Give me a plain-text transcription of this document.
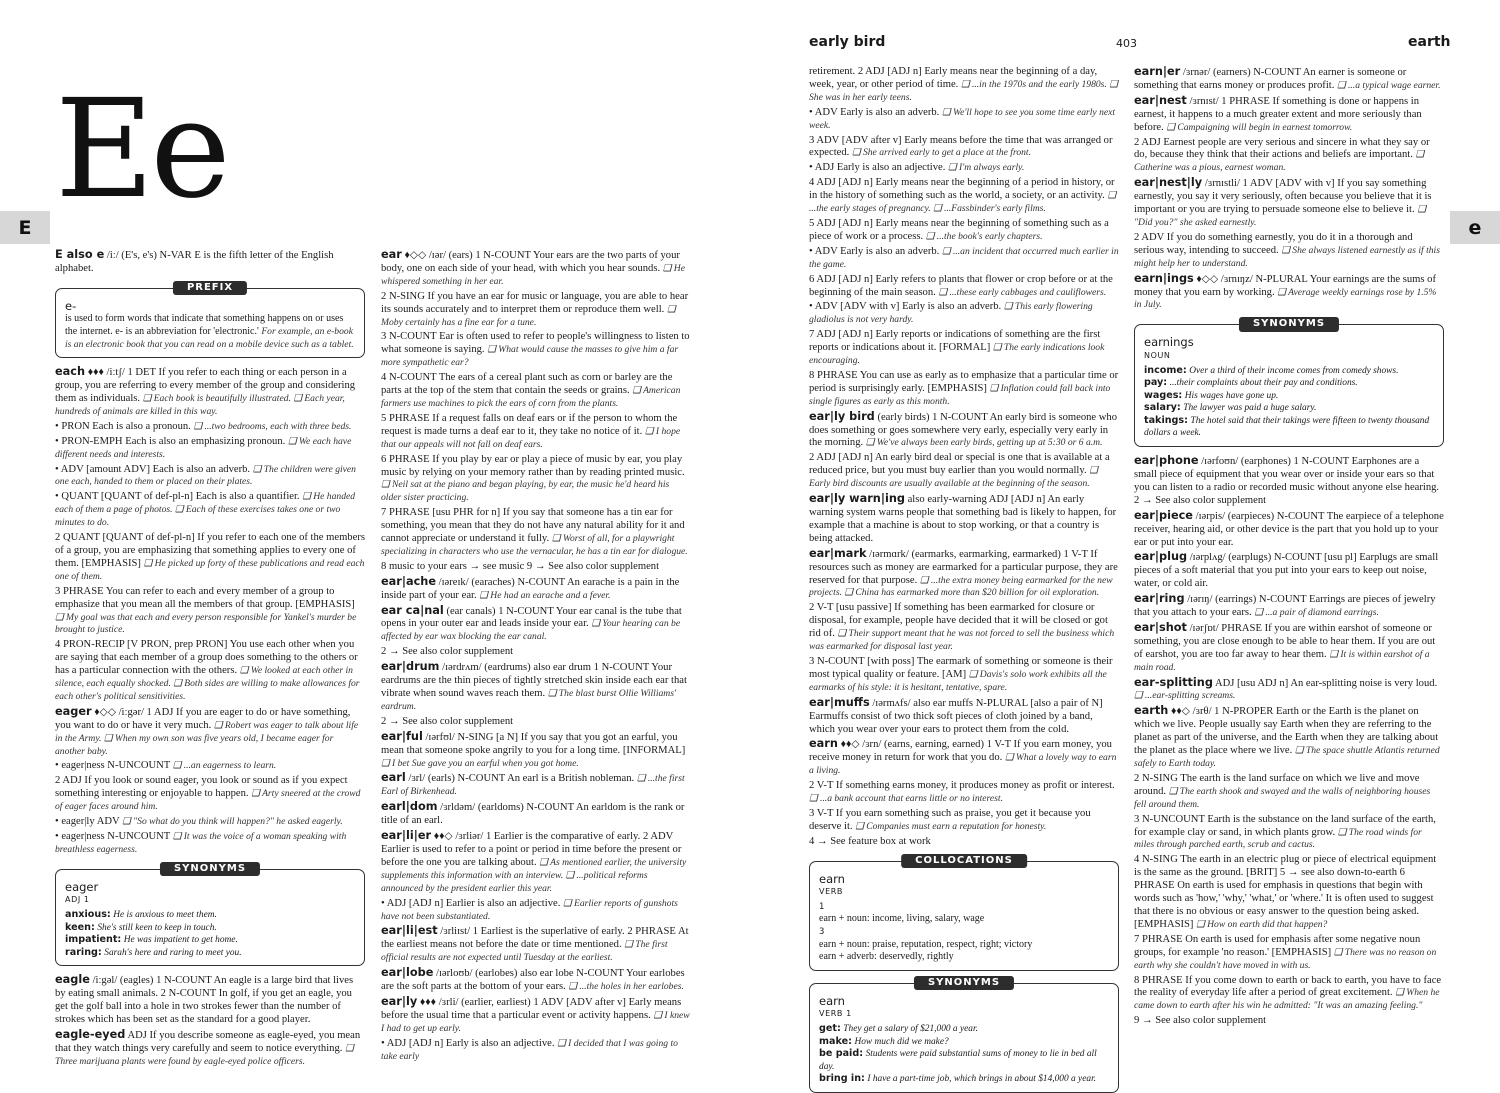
early bird	403	earth
Ee
E	e
E also e /iː/ (E's, e's) N-VAR E is the fifth letter of the English alphabet.
PREFIX
e-
is used to form words that indicate that something happens on or uses the internet. e- is an abbreviation for 'electronic.' For example, an e-book is an electronic book that you can read on a mobile device such as a tablet.
each ♦♦♦ /iːtʃ/ 1 DET If you refer to each thing or each person in a group, you are referring to every member of the group and considering them as individuals. ❑ Each book is beautifully illustrated. ❑ Each year, hundreds of animals are killed in this way.
• PRON Each is also a pronoun. ❑ ...two bedrooms, each with three beds.
• PRON-EMPH Each is also an emphasizing pronoun. ❑ We each have different needs and interests.
• ADV [amount ADV] Each is also an adverb. ❑ The children were given one each, handed to them or placed on their plates.
• QUANT [QUANT of def-pl-n] Each is also a quantifier. ❑ He handed each of them a page of photos. ❑ Each of these exercises takes one or two minutes to do.
2 QUANT [QUANT of def-pl-n] If you refer to each one of the members of a group, you are emphasizing that something applies to every one of them. [EMPHASIS] ❑ He picked up forty of these publications and read each one of them.
3 PHRASE You can refer to each and every member of a group to emphasize that you mean all the members of that group. [EMPHASIS] ❑ My goal was that each and every person responsible for Yankel's murder be brought to justice.
4 PRON-RECIP [V PRON, prep PRON] You use each other when you are saying that each member of a group does something to the others or has a particular connection with the others. ❑ We looked at each other in silence, each equally shocked. ❑ Both sides are willing to make allowances for each other's political sensitivities.
eager ♦◇◇ /iːgər/ 1 ADJ If you are eager to do or have something, you want to do or have it very much. ❑ Robert was eager to talk about life in the Army. ❑ When my own son was five years old, I became eager for another baby.
• eager|ness N-UNCOUNT ❑ ...an eagerness to learn.
2 ADJ If you look or sound eager, you look or sound as if you expect something interesting or enjoyable to happen. ❑ Arty sneered at the crowd of eager faces around him.
• eager|ly ADV ❑ "So what do you think will happen?" he asked eagerly.
• eager|ness N-UNCOUNT ❑ It was the voice of a woman speaking with breathless eagerness.
SYNONYMS
eager
ADJ 1
anxious: He is anxious to meet them.
keen: She's still keen to keep in touch.
impatient: He was impatient to get home.
raring: Sarah's here and raring to meet you.
eagle /iːgəl/ (eagles) 1 N-COUNT An eagle is a large bird that lives by eating small animals. 2 N-COUNT In golf, if you get an eagle, you get the golf ball into a hole in two strokes fewer than the number of strokes which has been set as the standard for a good player.
eagle-eyed ADJ If you describe someone as eagle-eyed, you mean that they watch things very carefully and seem to notice everything. ❑ Three marijuana plants were found by eagle-eyed police officers.
ear ♦◇◇ /ɪər/ (ears) 1 N-COUNT Your ears are the two parts of your body, one on each side of your head, with which you hear sounds. ❑ He whispered something in her ear.
2 N-SING If you have an ear for music or language, you are able to hear its sounds accurately and to interpret them or reproduce them well. ❑ Moby certainly has a fine ear for a tune.
3 N-COUNT Ear is often used to refer to people's willingness to listen to what someone is saying. ❑ What would cause the masses to give him a far more sympathetic ear?
4 N-COUNT The ears of a cereal plant such as corn or barley are the parts at the top of the stem that contain the seeds or grains. ❑ American farmers use machines to pick the ears of corn from the plants.
5 PHRASE If a request falls on deaf ears or if the person to whom the request is made turns a deaf ear to it, they take no notice of it. ❑ I hope that our appeals will not fall on deaf ears.
6 PHRASE If you play by ear or play a piece of music by ear, you play music by relying on your memory rather than by reading printed music. ❑ Neil sat at the piano and began playing, by ear, the music he'd heard his older sister practicing.
7 PHRASE [usu PHR for n] If you say that someone has a tin ear for something, you mean that they do not have any natural ability for it and cannot appreciate or understand it fully. ❑ Worst of all, for a playwright specializing in characters who use the vernacular, he has a tin ear for dialogue.
8 music to your ears → see music 9 → See also color supplement
ear|ache /ɪəreɪk/ (earaches) N-COUNT An earache is a pain in the inside part of your ear. ❑ He had an earache and a fever.
ear ca|nal (ear canals) 1 N-COUNT Your ear canal is the tube that opens in your outer ear and leads inside your ear. ❑ Your hearing can be affected by ear wax blocking the ear canal.
2 → See also color supplement
ear|drum /ɪərdrʌm/ (eardrums) also ear drum 1 N-COUNT Your eardrums are the thin pieces of tightly stretched skin inside each ear that vibrate when sound waves reach them. ❑ The blast burst Ollie Williams' eardrum.
2 → See also color supplement
ear|ful /ɪərfʊl/ N-SING [a N] If you say that you got an earful, you mean that someone spoke angrily to you for a long time. [INFORMAL] ❑ I bet Sue gave you an earful when you got home.
earl /ɜrl/ (earls) N-COUNT An earl is a British nobleman. ❑ ...the first Earl of Birkenhead.
earl|dom /ɜrldəm/ (earldoms) N-COUNT An earldom is the rank or title of an earl.
ear|li|er ♦♦◇ /ɜrliər/ 1 Earlier is the comparative of early. 2 ADV Earlier is used to refer to a point or period in time before the present or before the one you are talking about. ❑ As mentioned earlier, the university supplements this information with an interview. ❑ ...political reforms announced by the president earlier this year.
• ADJ [ADJ n] Earlier is also an adjective. ❑ Earlier reports of gunshots have not been substantiated.
ear|li|est /ɜrliɪst/ 1 Earliest is the superlative of early. 2 PHRASE At the earliest means not before the date or time mentioned. ❑ The first official results are not expected until Tuesday at the earliest.
ear|lobe /ɪərloʊb/ (earlobes) also ear lobe N-COUNT Your earlobes are the soft parts at the bottom of your ears. ❑ ...the holes in her earlobes.
ear|ly ♦♦♦ /ɜrli/ (earlier, earliest) 1 ADV [ADV after v] Early means before the usual time that a particular event or activity happens. ❑ I knew I had to get up early.
• ADJ [ADJ n] Early is also an adjective. ❑ I decided that I was going to take early
retirement. 2 ADJ [ADJ n] Early means near the beginning of a day, week, year, or other period of time. ❑ ...in the 1970s and the early 1980s. ❑ She was in her early teens.
• ADV Early is also an adverb. ❑ We'll hope to see you some time early next week.
3 ADV [ADV after v] Early means before the time that was arranged or expected. ❑ She arrived early to get a place at the front.
• ADJ Early is also an adjective. ❑ I'm always early.
4 ADJ [ADJ n] Early means near the beginning of a period in history, or in the history of something such as the world, a society, or an activity. ❑ ...the early stages of pregnancy. ❑ ...Fassbinder's early films.
5 ADJ [ADJ n] Early means near the beginning of something such as a piece of work or a process. ❑ ...the book's early chapters.
• ADV Early is also an adverb. ❑ ...an incident that occurred much earlier in the game.
6 ADJ [ADJ n] Early refers to plants that flower or crop before or at the beginning of the main season. ❑ ...these early cabbages and cauliflowers.
• ADV [ADV with v] Early is also an adverb. ❑ This early flowering gladiolus is not very hardy.
7 ADJ [ADJ n] Early reports or indications of something are the first reports or indications about it. [FORMAL] ❑ The early indications look encouraging.
8 PHRASE You can use as early as to emphasize that a particular time or period is surprisingly early. [EMPHASIS] ❑ Inflation could fall back into single figures as early as this month.
ear|ly bird (early birds) 1 N-COUNT An early bird is someone who does something or goes somewhere very early, especially very early in the morning. ❑ We've always been early birds, getting up at 5:30 or 6 a.m.
2 ADJ [ADJ n] An early bird deal or special is one that is available at a reduced price, but you must buy earlier than you would normally. ❑ Early bird discounts are usually available at the beginning of the season.
ear|ly warn|ing also early-warning ADJ [ADJ n] An early warning system warns people that something bad is likely to happen, for example that a machine is about to stop working, or that a country is being attacked.
ear|mark /ɪərmɑrk/ (earmarks, earmarking, earmarked) 1 V-T If resources such as money are earmarked for a particular purpose, they are reserved for that purpose. ❑ ...the extra money being earmarked for the new projects. ❑ China has earmarked more than $20 billion for oil exploration.
2 V-T [usu passive] If something has been earmarked for closure or disposal, for example, people have decided that it will be closed or got rid of. ❑ Their support meant that he was not forced to sell the business which was earmarked for disposal last year.
3 N-COUNT [with poss] The earmark of something or someone is their most typical quality or feature. [AM] ❑ Davis's solo work exhibits all the earmarks of his style: it is hesitant, tentative, spare.
ear|muffs /ɪərmʌfs/ also ear muffs N-PLURAL [also a pair of N] Earmuffs consist of two thick soft pieces of cloth joined by a band, which you wear over your ears to protect them from the cold.
earn ♦♦◇ /ɜrn/ (earns, earning, earned) 1 V-T If you earn money, you receive money in return for work that you do. ❑ What a lovely way to earn a living.
2 V-T If something earns money, it produces money as profit or interest. ❑ ...a bank account that earns little or no interest.
3 V-T If you earn something such as praise, you get it because you deserve it. ❑ Companies must earn a reputation for honesty.
4 → See feature box at work
COLLOCATIONS
earn
VERB
1
earn + noun: income, living, salary, wage
3
earn + noun: praise, reputation, respect, right; victory
earn + adverb: deservedly, rightly
SYNONYMS
earn
VERB 1
get: They get a salary of $21,000 a year.
make: How much did we make?
be paid: Students were paid substantial sums of money to lie in bed all day.
bring in: I have a part-time job, which brings in about $14,000 a year.
earn|er /ɜrnər/ (earners) N-COUNT An earner is someone or something that earns money or produces profit. ❑ ...a typical wage earner.
ear|nest /ɜrnɪst/ 1 PHRASE If something is done or happens in earnest, it happens to a much greater extent and more seriously than before. ❑ Campaigning will begin in earnest tomorrow.
2 ADJ Earnest people are very serious and sincere in what they say or do, because they think that their actions and beliefs are important. ❑ Catherine was a pious, earnest woman.
ear|nest|ly /ɜrnɪstli/ 1 ADV [ADV with v] If you say something earnestly, you say it very seriously, often because you believe that it is important or you are trying to persuade someone else to believe it. ❑ "Did you?" she asked earnestly.
2 ADV If you do something earnestly, you do it in a thorough and serious way, intending to succeed. ❑ She always listened earnestly as if this might help her to understand.
earn|ings ♦◇◇ /ɜrnɪŋz/ N-PLURAL Your earnings are the sums of money that you earn by working. ❑ Average weekly earnings rose by 1.5% in July.
SYNONYMS
earnings
NOUN
income: Over a third of their income comes from comedy shows.
pay: ...their complaints about their pay and conditions.
wages: His wages have gone up.
salary: The lawyer was paid a huge salary.
takings: The hotel said that their takings were fifteen to twenty thousand dollars a week.
ear|phone /ɪərfoʊn/ (earphones) 1 N-COUNT Earphones are a small piece of equipment that you wear over or inside your ears so that you can listen to a radio or recorded music without anyone else hearing. 2 → See also color supplement
ear|piece /ɪərpis/ (earpieces) N-COUNT The earpiece of a telephone receiver, hearing aid, or other device is the part that you hold up to your ear or put into your ear.
ear|plug /ɪərplʌg/ (earplugs) N-COUNT [usu pl] Earplugs are small pieces of a soft material that you put into your ears to keep out noise, water, or cold air.
ear|ring /ɪərɪŋ/ (earrings) N-COUNT Earrings are pieces of jewelry that you attach to your ears. ❑ ...a pair of diamond earrings.
ear|shot /ɪərʃɒt/ PHRASE If you are within earshot of someone or something, you are close enough to be able to hear them. If you are out of earshot, you are too far away to hear them. ❑ It is within earshot of a main road.
ear-splitting ADJ [usu ADJ n] An ear-splitting noise is very loud. ❑ ...ear-splitting screams.
earth ♦♦◇ /ɜrθ/ 1 N-PROPER Earth or the Earth is the planet on which we live. People usually say Earth when they are referring to the planet as part of the universe, and the Earth when they are talking about the planet as the place where we live. ❑ The space shuttle Atlantis returned safely to Earth today.
2 N-SING The earth is the land surface on which we live and move around. ❑ The earth shook and swayed and the walls of neighboring houses fell around them.
3 N-UNCOUNT Earth is the substance on the land surface of the earth, for example clay or sand, in which plants grow. ❑ The road winds for miles through parched earth, scrub and cactus.
4 N-SING The earth in an electric plug or piece of electrical equipment is the same as the ground. [BRIT] 5 → see also down-to-earth 6 PHRASE On earth is used for emphasis in questions that begin with words such as 'how,' 'why,' 'what,' or 'where.' It is often used to suggest that there is no obvious or easy answer to the question being asked. [EMPHASIS] ❑ How on earth did that happen?
7 PHRASE On earth is used for emphasis after some negative noun groups, for example 'no reason.' [EMPHASIS] ❑ There was no reason on earth why she couldn't have moved in with us.
8 PHRASE If you come down to earth or back to earth, you have to face the reality of everyday life after a period of great excitement. ❑ When he came down to earth after his win he admitted: "It was an amazing feeling."
9 → See also color supplement
